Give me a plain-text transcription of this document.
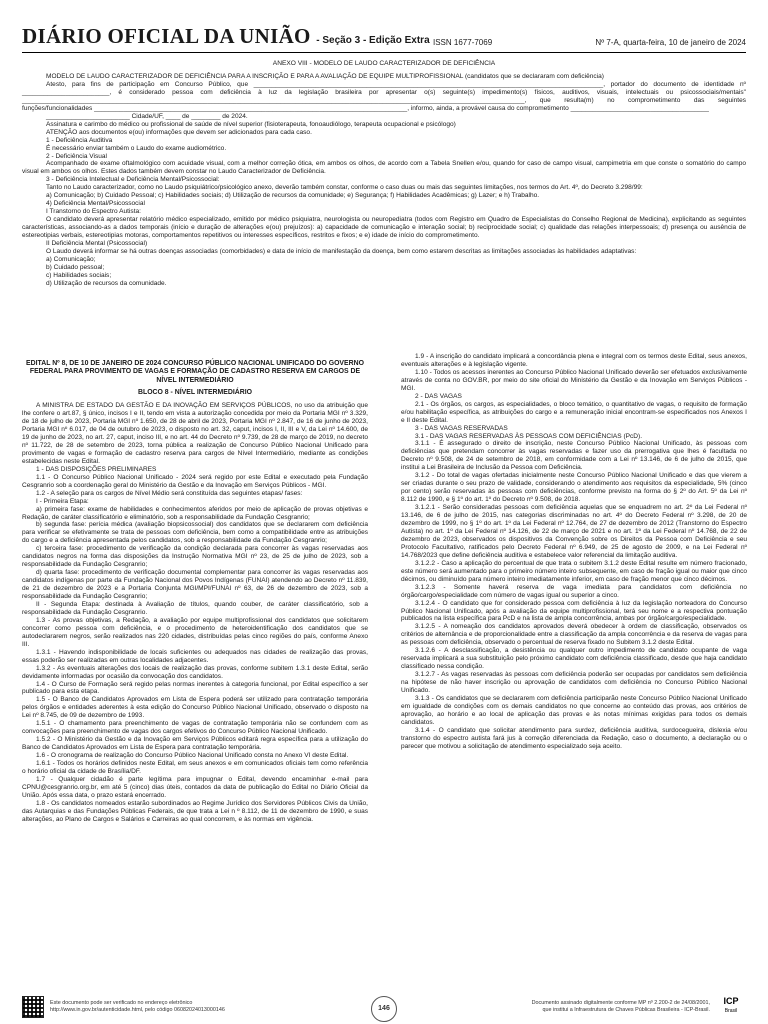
DIÁRIO OFICIAL DA UNIÃO - Seção 3 - Edição Extra ISSN 1677-7069	Nº 7-A, quarta-feira, 10 de janeiro de 2024
ANEXO VIII - MODELO DE LAUDO CARACTERIZADOR DE DEFICIÊNCIA

MODELO DE LAUDO CARACTERIZADOR DE DEFICIÊNCIA PARA A INSCRIÇÃO E PARA A AVALIAÇÃO DE EQUIPE MULTIPROFISSIONAL (candidatos que se declararam com deficiência)

Atesto, para fins de participação em Concurso Público, que ________________________________________________________________________________________________, portador do documento de identidade nº ________________________, é considerado pessoa com deficiência à luz da legislação brasileira por apresentar o(s) seguinte(s) impedimento(s) físicos, auditivos, visuais, intelectuais ou psicossociais/mentais" __________________________________________________________________________________________________________________________________________, que resulta(m) no comprometimento das seguintes funções/funcionalidades ______________________________________________________________________________________, informo, ainda, a provável causa do comprometimento ______________________________________

_______________________ Cidade/UF, ____ de ________ de 2024.

Assinatura e carimbo do médico ou profissional de saúde de nível superior (fisioterapeuta, fonoaudiólogo, terapeuta ocupacional e psicólogo)

ATENÇÃO aos documentos e(ou) informações que devem ser adicionados para cada caso.

1 - Deficiência Auditiva

É necessário enviar também o Laudo do exame audiométrico.

2 - Deficiência Visual

Acompanhado de exame oftalmológico com acuidade visual, com a melhor correção ótica, em ambos os olhos, de acordo com a Tabela Snellen e/ou, quando for caso de campo visual, campimetria em que conste o somatório do campo visual em ambos os olhos. Estes dados também devem constar no Laudo Caracterizador de Deficiência.

3 - Deficiência Intelectual e Deficiência Mental/Psicossocial:

Tanto no Laudo caracterizador, como no Laudo psiquiátrico/psicológico anexo, deverão também constar, conforme o caso duas ou mais das seguintes limitações, nos termos do Art. 4º, do Decreto 3.298/99:

a) Comunicação; b) Cuidado Pessoal; c) Habilidades sociais; d) Utilização de recursos da comunidade; e) Segurança; f) Habilidades Acadêmicas; g) Lazer; e h) Trabalho.

4) Deficiência Mental/Psicossocial

I Transtorno do Espectro Autista:

O candidato deverá apresentar relatório médico especializado, emitido por médico psiquiatra, neurologista ou neuropediatra (todos com Registro em Quadro de Especialistas do Conselho Regional de Medicina), explicitando as seguintes características, associando-as a dados temporais (início e duração de alterações e(ou) prejuízos): a) capacidade de comunicação e interação social; b) reciprocidade social; c) qualidade das relações interpessoais; d) presença ou ausência de estereotipias verbais, estereotipias motoras, comportamentos repetitivos ou interesses específicos, restritos e fixos; e e) idade de início do comprometimento.

II Deficiência Mental (Psicossocial)

O Laudo deverá informar se há outras doenças associadas (comorbidades) e data de início de manifestação da doença, bem como estarem descritas as limitações associadas às habilidades adaptativas:

a) Comunicação;

b) Cuidado pessoal;

c) Habilidades sociais;

d) Utilização de recursos da comunidade.

EDITAL Nº 8, DE 10 DE JANEIRO DE 2024 CONCURSO PÚBLICO NACIONAL UNIFICADO DO GOVERNO FEDERAL PARA PROVIMENTO DE VAGAS E FORMAÇÃO DE CADASTRO RESERVA EM CARGOS DE NÍVEL INTERMEDIÁRIO

BLOCO 8 - NÍVEL INTERMEDIÁRIO

A MINISTRA DE ESTADO DA GESTÃO E DA INOVAÇÃO EM SERVIÇOS PÚBLICOS, no uso da atribuição que lhe confere o art.87, § único, incisos I e II, tendo em vista a autorização concedida por meio da Portaria MGI nº 3.329, de 18 de julho de 2023, Portaria MGI nº 1.650, de 28 de abril de 2023, Portaria MGI nº 2.847, de 16 de junho de 2023, Portaria MGI nº 6.017, de 04 de outubro de 2023, o disposto no art. 32, caput, incisos I, II, III e V, da Lei nº 14.600, de 19 de junho de 2023, no art. 27, caput, inciso III, e no art. 44 do Decreto nº 9.739, de 28 de março de 2019, no decreto nº 11.722, de 28 de setembro de 2023, torna pública a realização de Concurso Público Nacional Unificado para provimento de vagas e formação de cadastro reserva para cargos de Nível Intermediário, mediante as condições estabelecidas neste Edital.

1 - DAS DISPOSIÇÕES PRELIMINARES

1.1 - O Concurso Público Nacional Unificado - 2024 será regido por este Edital e executado pela Fundação Cesgranrio sob a coordenação geral do Ministério da Gestão e da Inovação em Serviços Públicos - MGI.

1.2 - A seleção para os cargos de Nível Médio será constituída das seguintes etapas/ fases:

I - Primeira Etapa:

a) primeira fase: exame de habilidades e conhecimentos aferidos por meio de aplicação de provas objetivas e Redação, de caráter classificatório e eliminatório, sob a responsabilidade da Fundação Cesgranrio;

b) segunda fase: perícia médica (avaliação biopsicossocial) dos candidatos que se declararem com deficiência para verificar se efetivamente se trata de pessoas com deficiência, bem como a compatibilidade entre as atribuições do cargo e a deficiência apresentada pelos candidatos, sob a responsabilidade da Fundação Cesgranrio;

c) terceira fase: procedimento de verificação da condição declarada para concorrer às vagas reservadas aos candidatos negros na forma das disposições da Instrução Normativa MGI nº 23, de 25 de julho de 2023, sob a responsabilidade da Fundação Cesgranrio;

d) quarta fase: procedimento de verificação documental complementar para concorrer às vagas reservadas aos candidatos indígenas por parte da Fundação Nacional dos Povos Indígenas (FUNAI) atendendo ao Decreto nº 11.839, de 21 de dezembro de 2023 e a Portaria Conjunta MGI/MPI/FUNAI nº 63, de 26 de dezembro de 2023, sob a responsabilidade da Fundação Cesgranrio;

II - Segunda Etapa: destinada à Avaliação de títulos, quando couber, de caráter classificatório, sob a responsabilidade da Fundação Cesgranrio.

1.3 - As provas objetivas, a Redação, a avaliação por equipe multiprofissional dos candidatos que solicitarem concorrer como pessoa com deficiência, e o procedimento de heteroidentificação dos candidatos que se autodeclararem negros, serão realizados nas 220 cidades, distribuídas pelas cinco regiões do país, conforme Anexo III.

1.3.1 - Havendo indisponibilidade de locais suficientes ou adequados nas cidades de realização das provas, essas poderão ser realizadas em outras localidades adjacentes.

1.3.2 - As eventuais alterações dos locais de realização das provas, conforme subitem 1.3.1 deste Edital, serão devidamente informadas por ocasião da convocação dos candidatos.

1.4 - O Curso de Formação será regido pelas normas inerentes à categoria funcional, por Edital específico a ser publicado para esta etapa.

1.5 - O Banco de Candidatos Aprovados em Lista de Espera poderá ser utilizado para contratação temporária pelos órgãos e entidades aderentes à esta edição do Concurso Público Nacional Unificado, observado o disposto na Lei nº 8.745, de 09 de dezembro de 1993.

1.5.1 - O chamamento para preenchimento de vagas de contratação temporária não se confundem com as convocações para preenchimento de vagas dos cargos efetivos do Concurso Público Nacional Unificado.

1.5.2 - O Ministério da Gestão e da Inovação em Serviços Públicos editará regra específica para a utilização do Banco de Candidatos Aprovados em Lista de Espera para contratação temporária.

1.6 - O cronograma de realização do Concurso Público Nacional Unificado consta no Anexo VI deste Edital.

1.6.1 - Todos os horários definidos neste Edital, em seus anexos e em comunicados oficiais tem como referência o horário oficial da cidade de Brasília/DF.

1.7 - Qualquer cidadão é parte legítima para impugnar o Edital, devendo encaminhar e-mail para CPNU@cesgranrio.org.br, em até 5 (cinco) dias úteis, contados da data de publicação do Edital no Diário Oficial da União. Após essa data, o prazo estará encerrado.

1.8 - Os candidatos nomeados estarão subordinados ao Regime Jurídico dos Servidores Públicos Civis da União, das Autarquias e das Fundações Públicas Federais, de que trata a Lei n º 8.112, de 11 de dezembro de 1990, e suas alterações, ao Plano de Cargos e Salários e Carreiras ao qual concorrem, e às normas em vigência.

1.9 - A inscrição do candidato implicará a concordância plena e integral com os termos deste Edital, seus anexos, eventuais alterações e à legislação vigente.

1.10 - Todos os acessos inerentes ao Concurso Público Nacional Unificado deverão ser efetuados exclusivamente através de conta no GOV.BR, por meio do site oficial do Ministério da Gestão e da Inovação em Serviços Públicos - MGI.

2 - DAS VAGAS

2.1 - Os órgãos, os cargos, as especialidades, o bloco temático, o quantitativo de vagas, o requisito de formação e/ou habilitação específica, as atribuições do cargo e a remuneração inicial encontram-se especificados nos Anexos I e II deste Edital.

3 - DAS VAGAS RESERVADAS

3.1 - DAS VAGAS RESERVADAS ÀS PESSOAS COM DEFICIÊNCIAS (PcD).

3.1.1 - É assegurado o direito de inscrição, neste Concurso Público Nacional Unificado, às pessoas com deficiências que pretendam concorrer às vagas reservadas e fazer uso da prerrogativa que lhes é facultada no Decreto nº 9.508, de 24 de setembro de 2018, em conformidade com a Lei nº 13.146, de 6 de julho de 2015, que institui a Lei Brasileira de Inclusão da Pessoa com Deficiência.

3.1.2 - Do total de vagas ofertadas inicialmente neste Concurso Público Nacional Unificado e das que vierem a ser criadas durante o seu prazo de validade, considerando o atendimento aos requisitos da especialidade, 5% (cinco por cento) serão reservadas às pessoas com deficiências, conforme previsto na forma do § 2º do Art. 5º da Lei nº 8.112 de 1990, e § 1º do art. 1º do Decreto nº 9.508, de 2018.

3.1.2.1 - Serão consideradas pessoas com deficiência aquelas que se enquadrem no art. 2º da Lei Federal nº 13.146, de 6 de julho de 2015, nas categorias discriminadas no art. 4º do Decreto Federal nº 3.298, de 20 de dezembro de 1999, no § 1º do art. 1º da Lei Federal nº 12.764, de 27 de dezembro de 2012 (Transtorno do Espectro Autista) no art. 1º da Lei Federal nº 14.126, de 22 de março de 2021 e no art. 1º da Lei Federal nº 14.768, de 22 de dezembro de 2023, observados os dispositivos da Convenção sobre os Direitos da Pessoa com Deficiência e seu Protocolo Facultativo, ratificados pelo Decreto Federal nº 6.949, de 25 de agosto de 2009, e na Lei Federal nº 14.768/2023 que define deficiência auditiva e estabelece valor referencial da limitação auditiva.

3.1.2.2 - Caso a aplicação do percentual de que trata o subitem 3.1.2 deste Edital resulte em número fracionado, este número será aumentado para o primeiro número inteiro subsequente, em caso de fração igual ou maior que cinco décimos, ou diminuído para número inteiro imediatamente inferior, em caso de fração menor que cinco décimos.

3.1.2.3 - Somente haverá reserva de vaga imediata para candidatos com deficiência no órgão/cargo/especialidade com número de vagas igual ou superior a cinco.

3.1.2.4 - O candidato que for considerado pessoa com deficiência à luz da legislação norteadora do Concurso Público Nacional Unificado, após a avaliação da equipe multiprofissional, terá seu nome e a respectiva pontuação publicados na lista específica para PcD e na lista de ampla concorrência, ambas por órgão/cargo/especialidade.

3.1.2.5 - A nomeação dos candidatos aprovados deverá obedecer à ordem de classificação, observados os critérios de alternância e de proporcionalidade entre a classificação da ampla concorrência e da reserva de vagas para as pessoas com deficiência, observado o percentual de reserva fixado no Subitem 3.1.2 deste Edital.

3.1.2.6 - A desclassificação, a desistência ou qualquer outro impedimento de candidato ocupante de vaga reservada implicará a sua substituição pelo próximo candidato com deficiência classificado, desde que haja candidato classificado nessa condição.

3.1.2.7 - As vagas reservadas às pessoas com deficiência poderão ser ocupadas por candidatos sem deficiência na hipótese de não haver inscrição ou aprovação de candidatos com deficiência no Concurso Público Nacional Unificado.

3.1.3 - Os candidatos que se declararem com deficiência participarão neste Concurso Público Nacional Unificado em igualdade de condições com os demais candidatos no que concerne ao conteúdo das provas, aos critérios de aprovação, ao horário e ao local de aplicação das provas e às notas mínimas exigidas para todos os demais candidatos.

3.1.4 - O candidato que solicitar atendimento para surdez, deficiência auditiva, surdocegueira, dislexia e/ou transtorno do espectro autista fará jus à correção diferenciada da Redação, caso o documento, a declaração ou o parecer que motivou a solicitação de atendimento especializado seja aceito.

Este documento pode ser verificado no endereço eletrônico
http://www.in.gov.br/autenticidade.html, pelo código 06082024013000146	146
Documento assinado digitalmente conforme MP nº 2.200-2 de 24/08/2001,
que institui a Infraestrutura de Chaves Públicas Brasileira - ICP-Brasil.
ICP
Brasil
